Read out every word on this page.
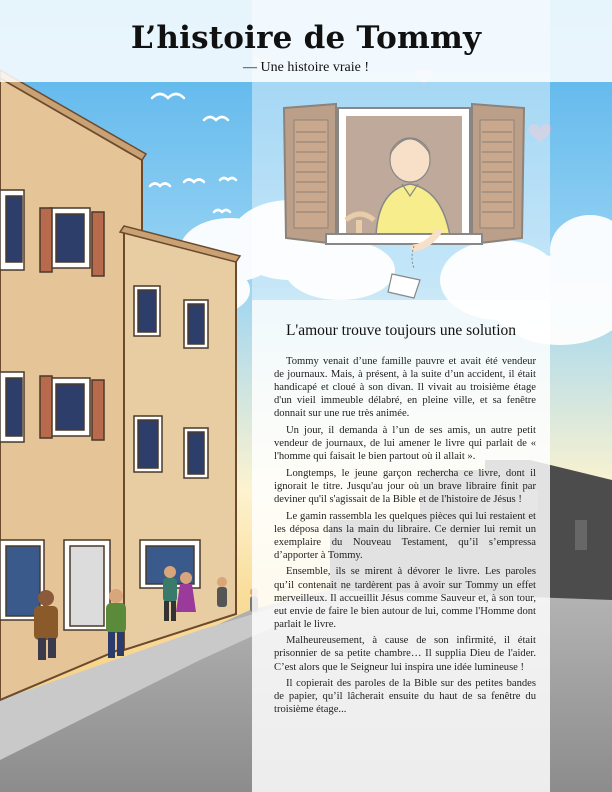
L’histoire de Tommy
— Une histoire vraie !
L'amour trouve toujours une solution

Tommy venait d’une famille pauvre et avait été vendeur de journaux. Mais, à présent, à la suite d’un accident, il était handicapé et cloué à son divan. Il vivait au troisième étage d'un vieil immeuble délabré, en pleine ville, et sa fenêtre donnait sur une rue très animée.

Un jour, il demanda à l’un de ses amis, un autre petit vendeur de journaux, de lui amener le livre qui parlait de « l'homme qui faisait le bien partout où il allait ».

Longtemps, le jeune garçon rechercha ce livre, dont il ignorait le titre. Jusqu'au jour où un brave libraire finit par deviner qu'il s'agissait de la Bible et de l'histoire de Jésus !

Le gamin rassembla les quelques pièces qui lui restaient et les déposa dans la main du libraire. Ce dernier lui remit un exemplaire du Nouveau Testament, qu’il s’empressa d’apporter à Tommy.

Ensemble, ils se mirent à dévorer le livre. Les paroles qu’il contenait ne tardèrent pas à avoir sur Tommy un effet merveilleux. Il accueillit Jésus comme Sauveur et, à son tour, eut envie de faire le bien autour de lui, comme l'Homme dont parlait le livre.

Malheureusement, à cause de son infirmité, il était prisonnier de sa petite chambre… Il supplia Dieu de l'aider. C’est alors que le Seigneur lui inspira une idée lumineuse !

Il copierait des paroles de la Bible sur des petites bandes de papier, qu’il lâcherait ensuite du haut de sa fenêtre du troisième étage...
